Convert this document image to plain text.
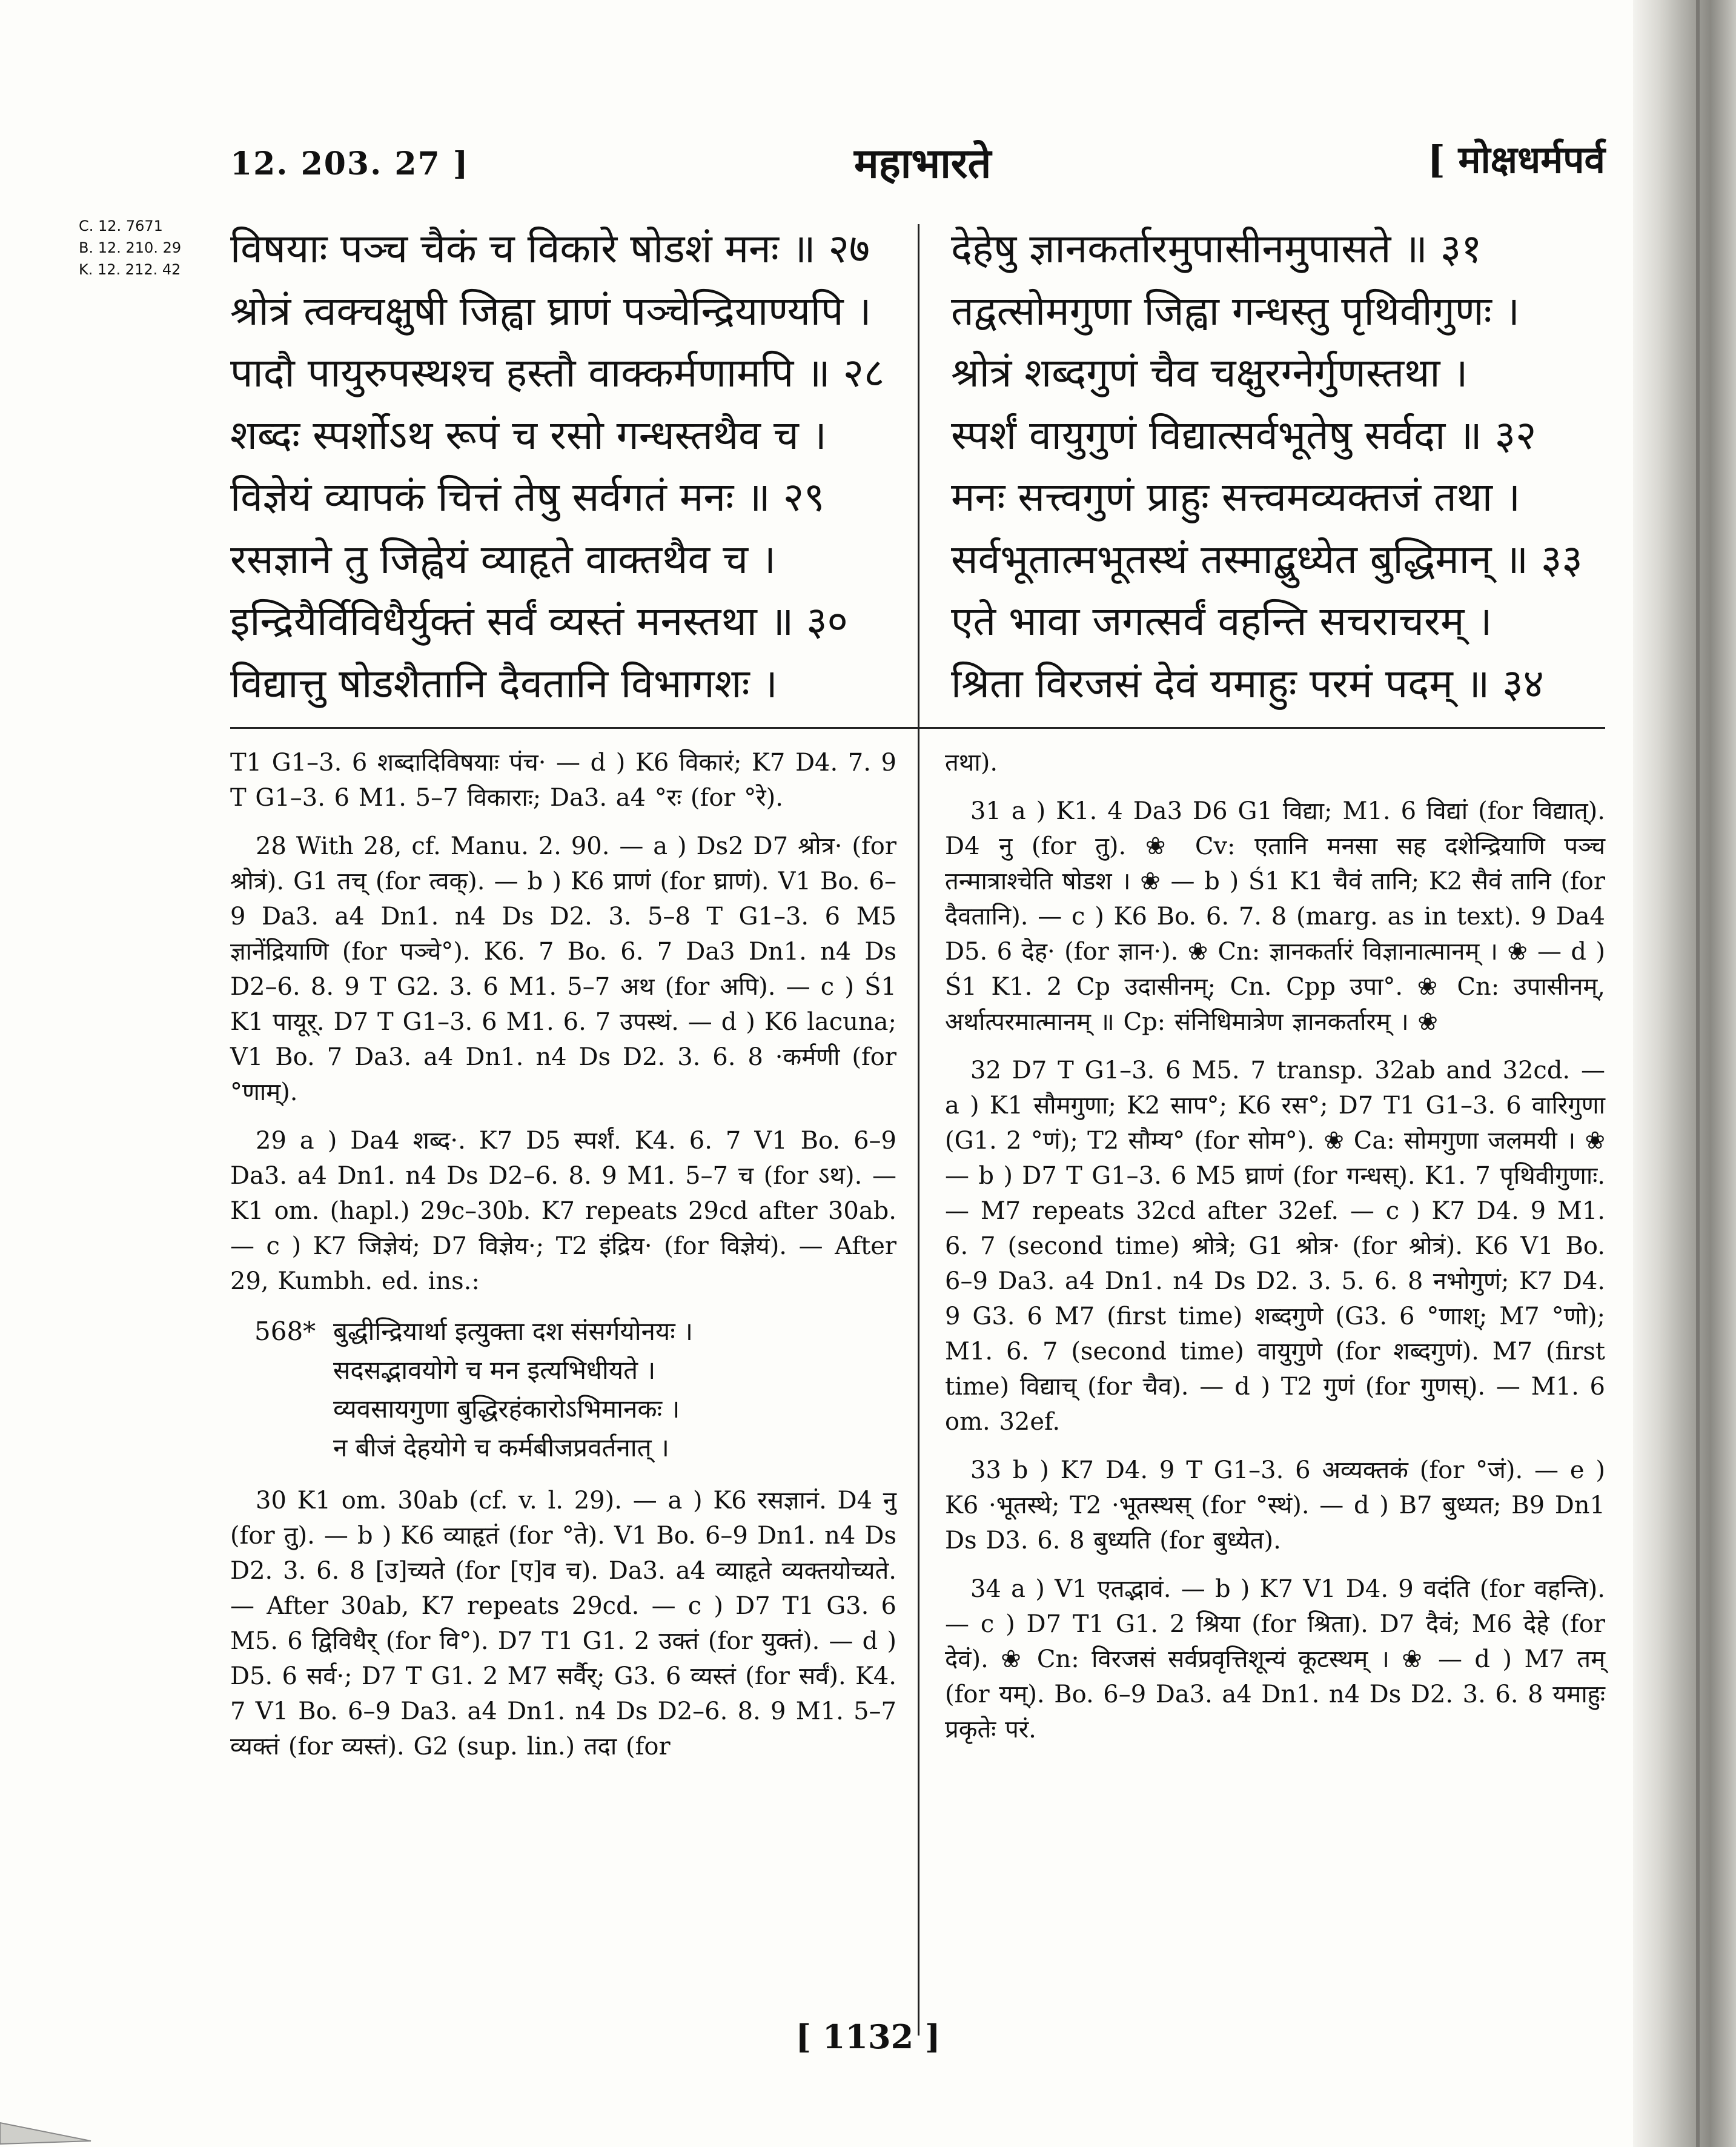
12. 203. 27 ]	महाभारते	[ मोक्षधर्मपर्व
C. 12. 7671
B. 12. 210. 29
K. 12. 212. 42	विषयाः पञ्च चैकं च विकारे षोडशं मनः ॥ २७
श्रोत्रं त्वक्चक्षुषी जिह्वा घ्राणं पञ्चेन्द्रियाण्यपि ।
पादौ पायुरुपस्थश्च हस्तौ वाक्कर्मणामपि ॥ २८
शब्दः स्पर्शोऽथ रूपं च रसो गन्धस्तथैव च ।
विज्ञेयं व्यापकं चित्तं तेषु सर्वगतं मनः ॥ २९
रसज्ञाने तु जिह्वेयं व्याहृते वाक्तथैव च ।
इन्द्रियैर्विविधैर्युक्तं सर्वं व्यस्तं मनस्तथा ॥ ३०
विद्यात्तु षोडशैतानि दैवतानि विभागशः ।
देहेषु ज्ञानकर्तारमुपासीनमुपासते ॥ ३१
तद्वत्सोमगुणा जिह्वा गन्धस्तु पृथिवीगुणः ।
श्रोत्रं शब्दगुणं चैव चक्षुरग्नेर्गुणस्तथा ।
स्पर्शं वायुगुणं विद्यात्सर्वभूतेषु सर्वदा ॥ ३२
मनः सत्त्वगुणं प्राहुः सत्त्वमव्यक्तजं तथा ।
सर्वभूतात्मभूतस्थं तस्माद्बुध्येत बुद्धिमान् ॥ ३३
एते भावा जगत्सर्वं वहन्ति सचराचरम् ।
श्रिता विरजसं देवं यमाहुः परमं पदम् ॥ ३४

T1 G1–3. 6 शब्दादिविषयाः पंच· — d ) K6 विकारं; K7 D4. 7. 9 T G1–3. 6 M1. 5–7 विकाराः; Da3. a4 °रः (for °रे).

28 With 28, cf. Manu. 2. 90. — a ) Ds2 D7 श्रोत्र· (for श्रोत्रं). G1 तच् (for त्वक्). — b ) K6 प्राणं (for घ्राणं). V1 Bo. 6–9 Da3. a4 Dn1. n4 Ds D2. 3. 5–8 T G1–3. 6 M5 ज्ञानेंद्रियाणि (for पञ्चे°). K6. 7 Bo. 6. 7 Da3 Dn1. n4 Ds D2–6. 8. 9 T G2. 3. 6 M1. 5–7 अथ (for अपि). — c ) Ś1 K1 पायूर्. D7 T G1–3. 6 M1. 6. 7 उपस्थं. — d ) K6 lacuna; V1 Bo. 7 Da3. a4 Dn1. n4 Ds D2. 3. 6. 8 ·कर्मणी (for °णाम्).

29 a ) Da4 शब्द·. K7 D5 स्पर्शं. K4. 6. 7 V1 Bo. 6–9 Da3. a4 Dn1. n4 Ds D2–6. 8. 9 M1. 5–7 च (for ऽथ). — K1 om. (hapl.) 29c–30b. K7 repeats 29cd after 30ab. — c ) K7 जिज्ञेयं; D7 विज्ञेय·; T2 इंद्रिय· (for विज्ञेयं). — After 29, Kumbh. ed. ins.:

568* बुद्धीन्द्रियार्था इत्युक्ता दश संसर्गयोनयः ।
सदसद्भावयोगे च मन इत्यभिधीयते ।
व्यवसायगुणा बुद्धिरहंकारोऽभिमानकः ।
न बीजं देहयोगे च कर्मबीजप्रवर्तनात् ।

30 K1 om. 30ab (cf. v. l. 29). — a ) K6 रसज्ञानं. D4 नु (for तु). — b ) K6 व्याहृतं (for °ते). V1 Bo. 6–9 Dn1. n4 Ds D2. 3. 6. 8 [उ]च्यते (for [ए]व च). Da3. a4 व्याहृते व्यक्तयोच्यते. — After 30ab, K7 repeats 29cd. — c ) D7 T1 G3. 6 M5. 6 द्विविधैर् (for वि°). D7 T1 G1. 2 उक्तं (for युक्तं). — d ) D5. 6 सर्व·; D7 T G1. 2 M7 सर्वैर्; G3. 6 व्यस्तं (for सर्वं). K4. 7 V1 Bo. 6–9 Da3. a4 Dn1. n4 Ds D2–6. 8. 9 M1. 5–7 व्यक्तं (for व्यस्तं). G2 (sup. lin.) तदा (for

तथा).

31 a ) K1. 4 Da3 D6 G1 विद्या; M1. 6 विद्यां (for विद्यात्). D4 नु (for तु). ❀ Cv: एतानि मनसा सह दशेन्द्रियाणि पञ्च तन्मात्राश्चेति षोडश । ❀ — b ) Ś1 K1 चैवं तानि; K2 सैवं तानि (for दैवतानि). — c ) K6 Bo. 6. 7. 8 (marg. as in text). 9 Da4 D5. 6 देह· (for ज्ञान·). ❀ Cn: ज्ञानकर्तारं विज्ञानात्मानम् । ❀ — d ) Ś1 K1. 2 Cp उदासीनम्; Cn. Cpp उपा°. ❀ Cn: उपासीनम्, अर्थात्परमात्मानम् ॥ Cp: संनिधिमात्रेण ज्ञानकर्तारम् । ❀

32 D7 T G1–3. 6 M5. 7 transp. 32ab and 32cd. — a ) K1 सौमगुणा; K2 साप°; K6 रस°; D7 T1 G1–3. 6 वारिगुणा (G1. 2 °णं); T2 सौम्य° (for सोम°). ❀ Ca: सोमगुणा जलमयी । ❀ — b ) D7 T G1–3. 6 M5 घ्राणं (for गन्धस्). K1. 7 पृथिवीगुणाः. — M7 repeats 32cd after 32ef. — c ) K7 D4. 9 M1. 6. 7 (second time) श्रोत्रे; G1 श्रोत्र· (for श्रोत्रं). K6 V1 Bo. 6–9 Da3. a4 Dn1. n4 Ds D2. 3. 5. 6. 8 नभोगुणं; K7 D4. 9 G3. 6 M7 (first time) शब्दगुणे (G3. 6 °णाश्; M7 °णो); M1. 6. 7 (second time) वायुगुणे (for शब्दगुणं). M7 (first time) विद्याच् (for चैव). — d ) T2 गुणं (for गुणस्). — M1. 6 om. 32ef.

33 b ) K7 D4. 9 T G1–3. 6 अव्यक्तकं (for °जं). — e ) K6 ·भूतस्थे; T2 ·भूतस्थस् (for °स्थं). — d ) B7 बुध्यत; B9 Dn1 Ds D3. 6. 8 बुध्यति (for बुध्येत).

34 a ) V1 एतद्भावं. — b ) K7 V1 D4. 9 वदंति (for वहन्ति). — c ) D7 T1 G1. 2 श्रिया (for श्रिता). D7 दैवं; M6 देहे (for देवं). ❀ Cn: विरजसं सर्वप्रवृत्तिशून्यं कूटस्थम् । ❀ — d ) M7 तम् (for यम्). Bo. 6–9 Da3. a4 Dn1. n4 Ds D2. 3. 6. 8 यमाहुः प्रकृतेः परं.

[ 1132 ]
